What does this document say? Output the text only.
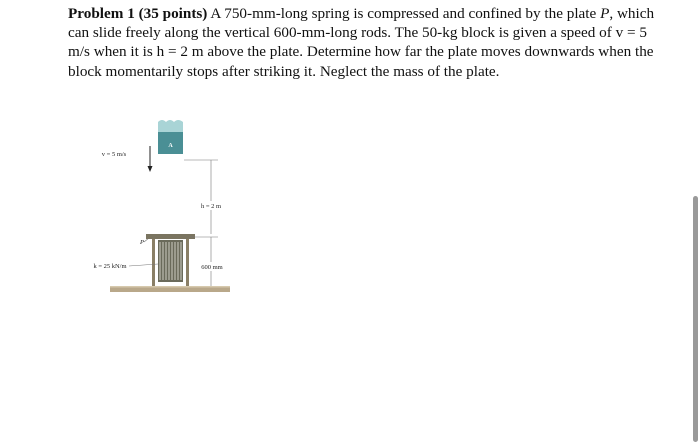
Problem 1 (35 points) A 750-mm-long spring is compressed and confined by the plate P, which can slide freely along the vertical 600-mm-long rods. The 50-kg block is given a speed of v = 5 m/s when it is h = 2 m above the plate. Determine how far the plate moves downwards when the block momentarily stops after striking it. Neglect the mass of the plate.

v = 5 m/s
A
h = 2 m
P
k = 25 kN/m	600 mm
